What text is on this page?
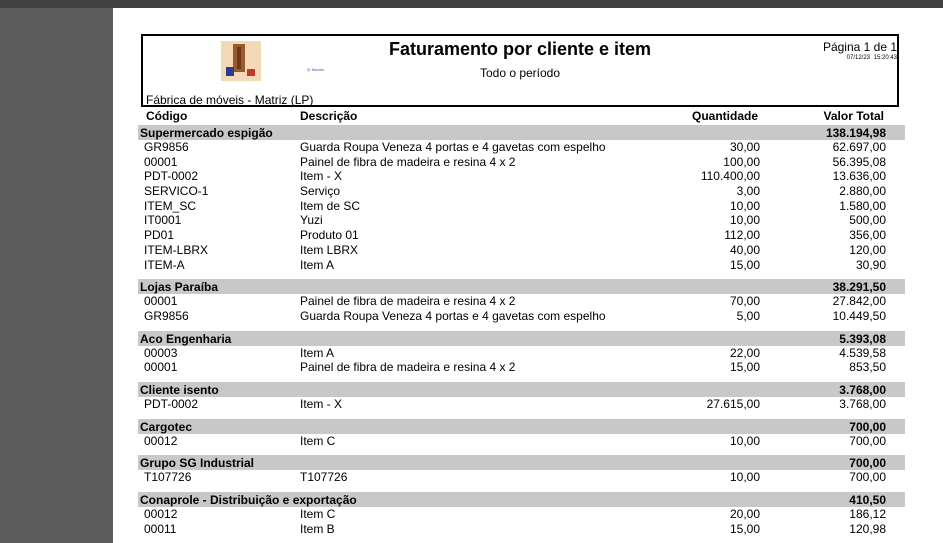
◎ Moveis
Faturamento por cliente e item
Todo o período
Página 1 de 1
07/12/23 15:20:43
Fábrica de móveis - Matriz (LP)
Código	Descrição	Quantidade	Valor Total
Supermercado espigão	138.194,98
GR9856	Guarda Roupa Veneza 4 portas e 4 gavetas com espelho	30,00	62.697,00
00001	Painel de fibra de madeira e resina 4 x 2	100,00	56.395,08
PDT-0002	Item - X	110.400,00	13.636,00
SERVICO-1	Serviço	3,00	2.880,00
ITEM_SC	Item de SC	10,00	1.580,00
IT0001	Yuzi	10,00	500,00
PD01	Produto 01	112,00	356,00
ITEM-LBRX	Item LBRX	40,00	120,00
ITEM-A	Item A	15,00	30,90
Lojas Paraíba	38.291,50
00001	Painel de fibra de madeira e resina 4 x 2	70,00	27.842,00
GR9856	Guarda Roupa Veneza 4 portas e 4 gavetas com espelho	5,00	10.449,50
Aco Engenharia	5.393,08
00003	Item A	22,00	4.539,58
00001	Painel de fibra de madeira e resina 4 x 2	15,00	853,50
Cliente isento	3.768,00
PDT-0002	Item - X	27.615,00	3.768,00
Cargotec	700,00
00012	Item C	10,00	700,00
Grupo SG Industrial	700,00
T107726	T107726	10,00	700,00
Conaprole - Distribuição e exportação	410,50
00012	Item C	20,00	186,12
00011	Item B	15,00	120,98
